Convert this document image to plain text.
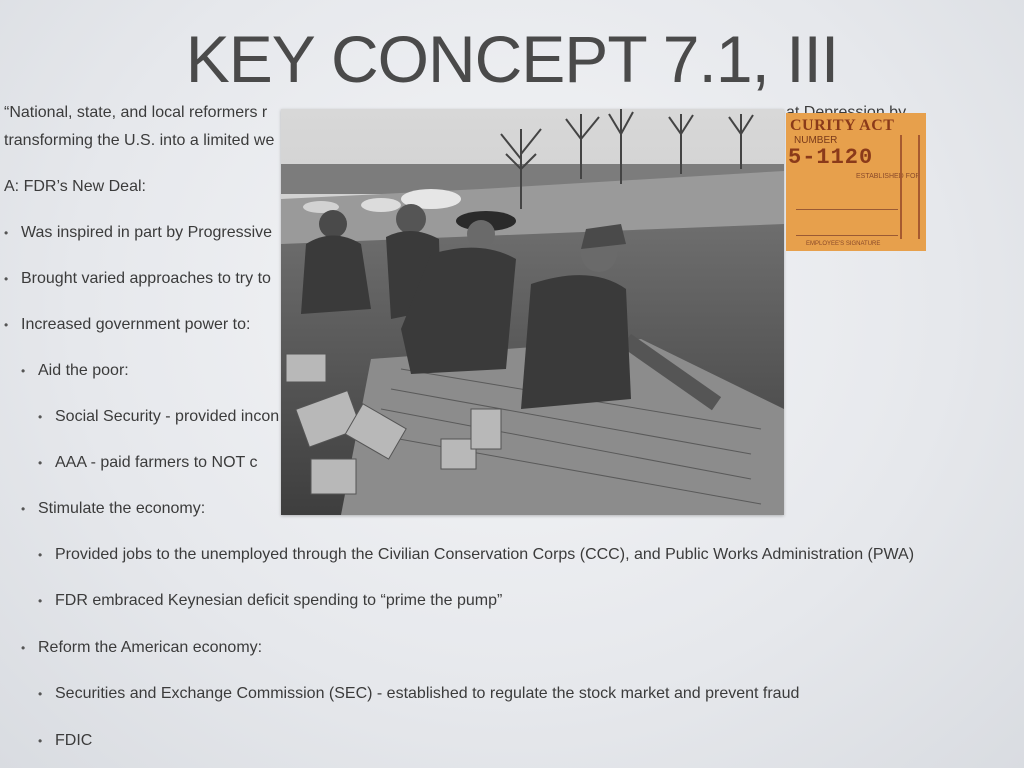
KEY CONCEPT 7.1, III
“National, state, and local reformers r
transforming the U.S. into a limited we
A: FDR’s New Deal:
• Was inspired in part by Progressive
• Brought varied approaches to try to
• Increased government power to:
• Aid the poor:
• Social Security - provided incon
• AAA - paid farmers to NOT c
• Stimulate the economy:
• Provided jobs to the unemployed through the Civilian Conservation Corps (CCC), and Public Works Administration (PWA)
• FDR embraced Keynesian deficit spending to “prime the pump”
• Reform the American economy:
• Securities and Exchange Commission (SEC) - established to regulate the stock market and prevent fraud
• FDIC
CURITY ACT
NUMBER
5-1120
ESTABLISHED FOR
EMPLOYEE'S SIGNATURE
